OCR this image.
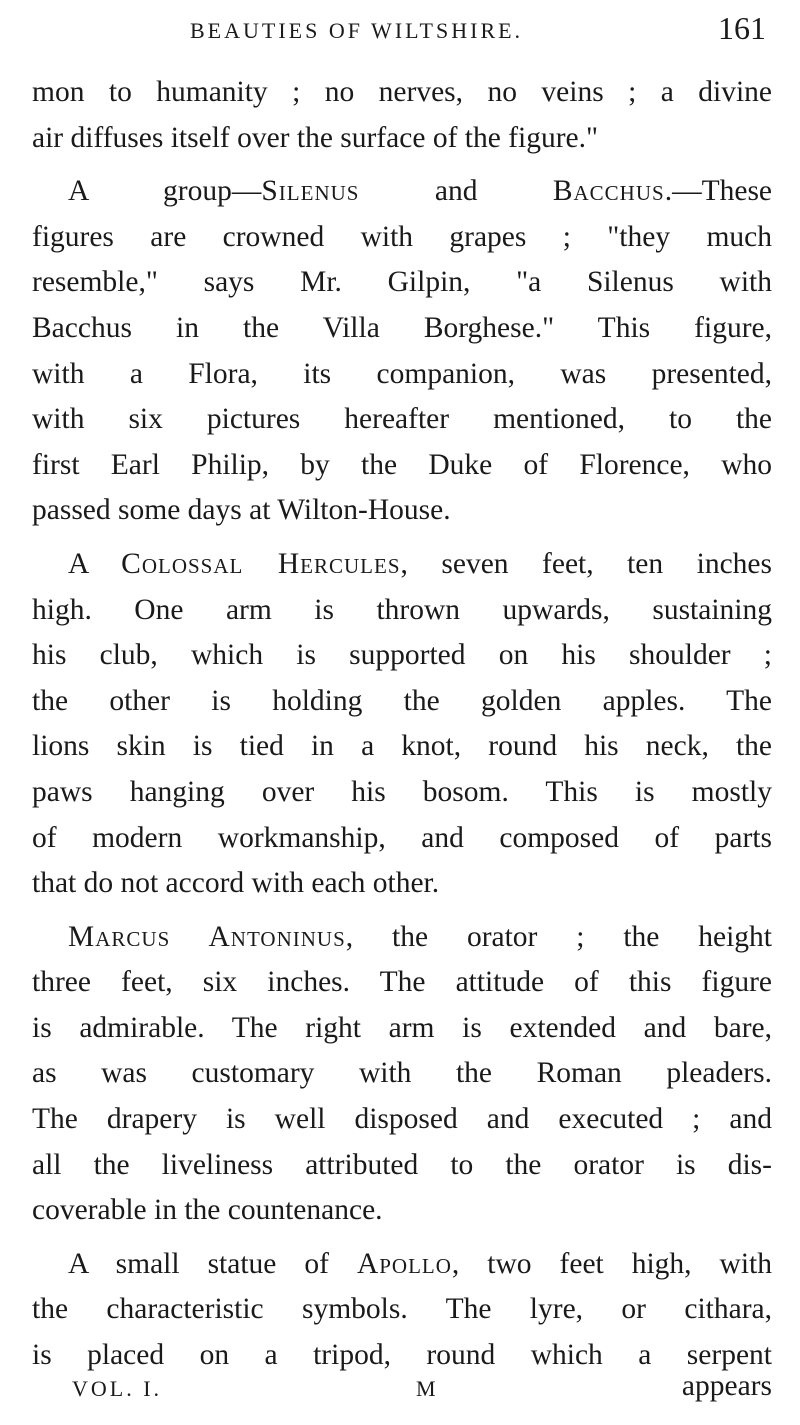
BEAUTIES OF WILTSHIRE.	161
mon to humanity ; no nerves, no veins ; a divine
air diffuses itself over the surface of the figure."
A group—Silenus and Bacchus.—These
figures are crowned with grapes ; "they much
resemble," says Mr. Gilpin, "a Silenus with
Bacchus in the Villa Borghese." This figure,
with a Flora, its companion, was presented,
with six pictures hereafter mentioned, to the
first Earl Philip, by the Duke of Florence, who
passed some days at Wilton-House.
A Colossal Hercules, seven feet, ten inches
high. One arm is thrown upwards, sustaining
his club, which is supported on his shoulder ;
the other is holding the golden apples. The
lions skin is tied in a knot, round his neck, the
paws hanging over his bosom. This is mostly
of modern workmanship, and composed of parts
that do not accord with each other.
Marcus Antoninus, the orator ; the height
three feet, six inches. The attitude of this figure
is admirable. The right arm is extended and bare,
as was customary with the Roman pleaders.
The drapery is well disposed and executed ; and
all the liveliness attributed to the orator is dis-
coverable in the countenance.
A small statue of Apollo, two feet high, with
the characteristic symbols. The lyre, or cithara,
is placed on a tripod, round which a serpent
VOL. I.	M	appears
